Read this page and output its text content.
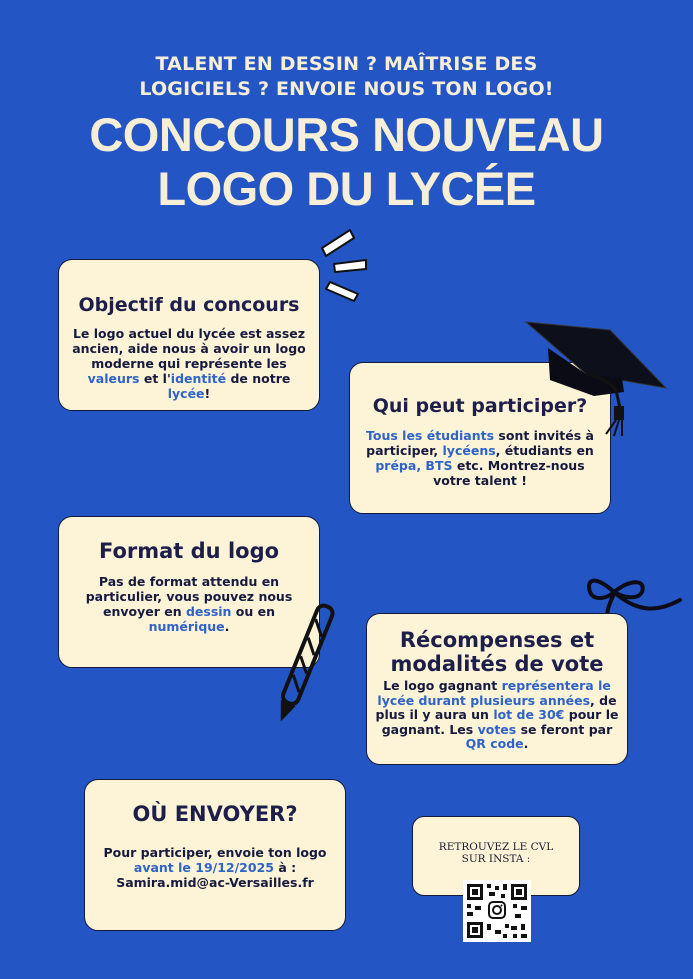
TALENT EN DESSIN ? MAÎTRISE DES
LOGICIELS ? ENVOIE NOUS TON LOGO!
CONCOURS NOUVEAU
LOGO DU LYCÉE
Objectif du concours
Le logo actuel du lycée est assez ancien, aide nous à avoir un logo moderne qui représente les valeurs et l'identité de notre lycée!
Qui peut participer?
Tous les étudiants sont invités à participer, lycéens, étudiants en prépa, BTS etc. Montrez-nous votre talent !
Format du logo
Pas de format attendu en particulier, vous pouvez nous envoyer en dessin ou en numérique.
Récompenses et
modalités de vote
Le logo gagnant représentera le lycée durant plusieurs années, de plus il y aura un lot de 30€ pour le gagnant. Les votes se feront par QR code.
OÙ ENVOYER?
Pour participer, envoie ton logo avant le 19/12/2025 à :
Samira.mid@ac-Versailles.fr
RETROUVEZ LE CVL
SUR INSTA :
